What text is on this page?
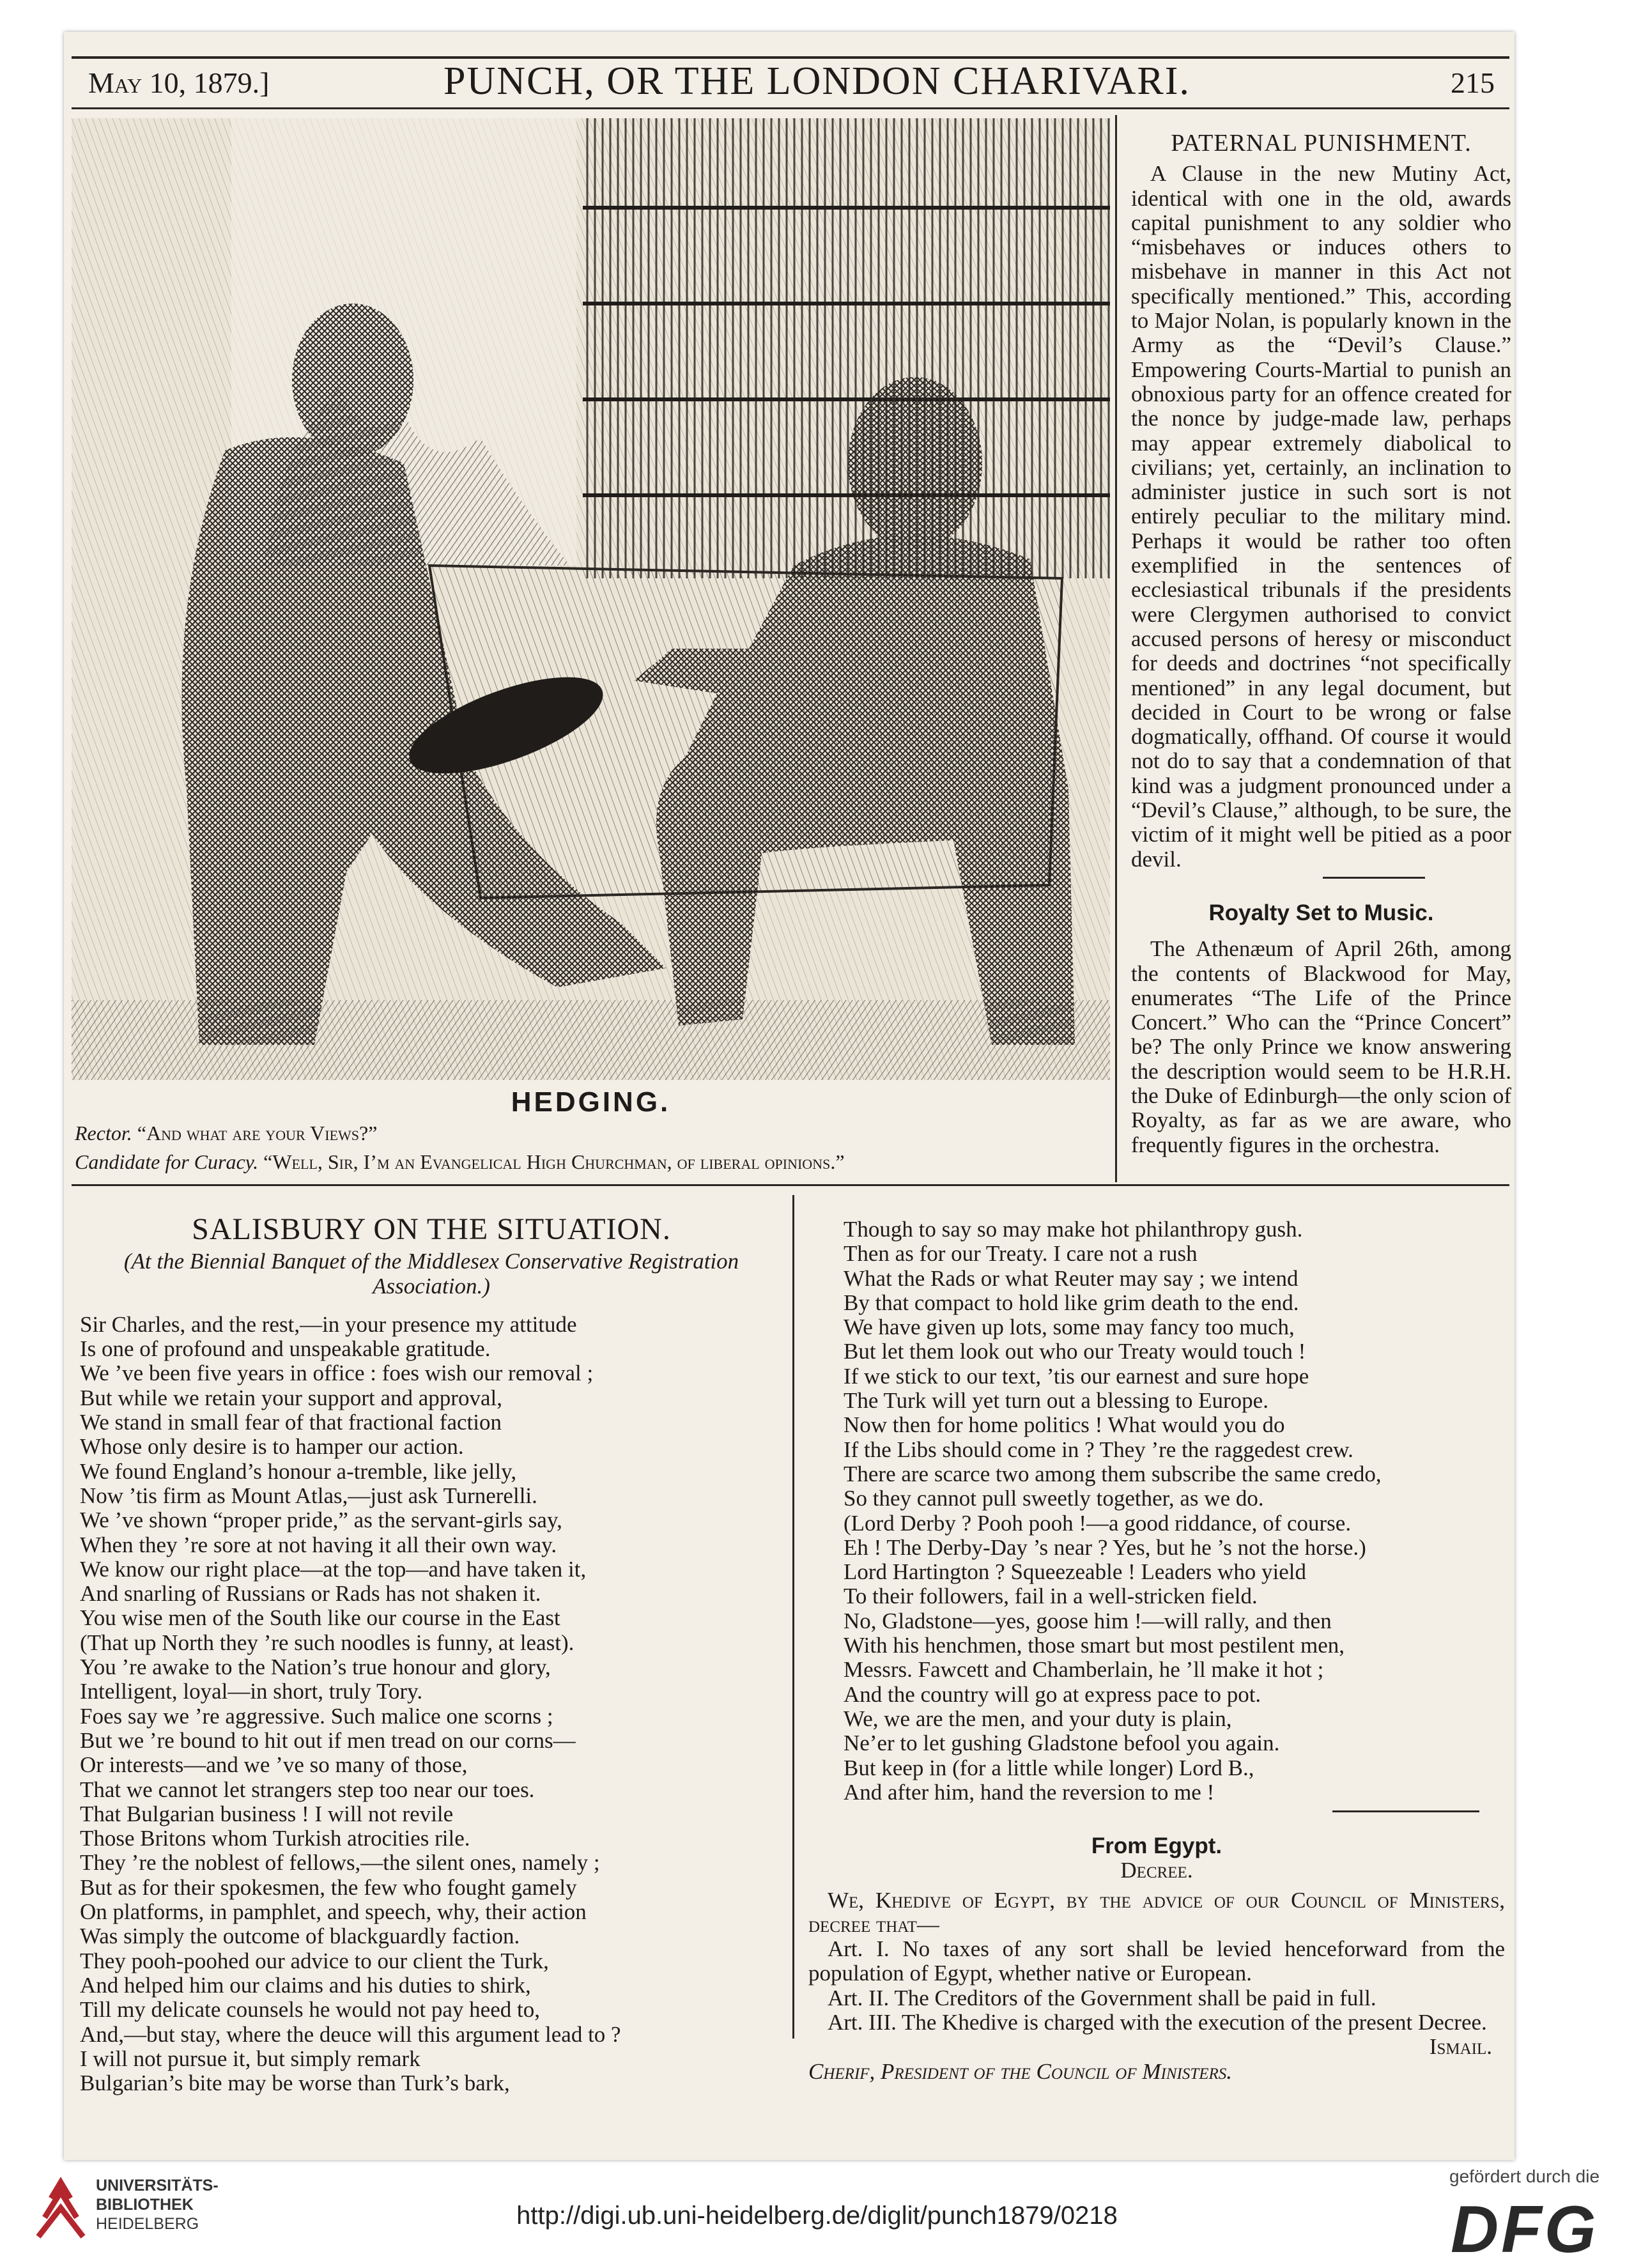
May 10, 1879.]	PUNCH, OR THE LONDON CHARIVARI.	215
HEDGING.
Rector. “And what are your Views?”
Candidate for Curacy. “Well, Sir, I’m an Evangelical High Churchman, of liberal opinions.”
PATERNAL PUNISHMENT.

A Clause in the new Mutiny Act, identical with one in the old, awards capital punishment to any soldier who “misbehaves or induces others to misbehave in manner in this Act not specifically mentioned.” This, according to Major Nolan, is popularly known in the Army as the “Devil’s Clause.” Empowering Courts-Martial to punish an obnoxious party for an offence created for the nonce by judge-made law, perhaps may appear extremely diabolical to civilians; yet, certainly, an inclination to administer justice in such sort is not entirely peculiar to the military mind. Perhaps it would be rather too often exemplified in the sentences of ecclesiastical tribunals if the presidents were Clergymen authorised to convict accused persons of heresy or misconduct for deeds and doctrines “not specifically mentioned” in any legal document, but decided in Court to be wrong or false dogmatically, offhand. Of course it would not do to say that a condemnation of that kind was a judgment pronounced under a “Devil’s Clause,” although, to be sure, the victim of it might well be pitied as a poor devil.

Royalty Set to Music.

The Athenæum of April 26th, among the contents of Blackwood for May, enumerates “The Life of the Prince Concert.” Who can the “Prince Concert” be? The only Prince we know answering the description would seem to be H.R.H. the Duke of Edinburgh—the only scion of Royalty, as far as we are aware, who frequently figures in the orchestra.

SALISBURY ON THE SITUATION.
(At the Biennial Banquet of the Middlesex Conservative Registration
Association.)
Sir Charles, and the rest,—in your presence my attitude
Is one of profound and unspeakable gratitude.
We ’ve been five years in office : foes wish our removal ;
But while we retain your support and approval,
We stand in small fear of that fractional faction
Whose only desire is to hamper our action.
We found England’s honour a-tremble, like jelly,
Now ’tis firm as Mount Atlas,—just ask Turnerelli.
We ’ve shown “proper pride,” as the servant-girls say,
When they ’re sore at not having it all their own way.
We know our right place—at the top—and have taken it,
And snarling of Russians or Rads has not shaken it.
You wise men of the South like our course in the East
(That up North they ’re such noodles is funny, at least).
You ’re awake to the Nation’s true honour and glory,
Intelligent, loyal—in short, truly Tory.
Foes say we ’re aggressive. Such malice one scorns ;
But we ’re bound to hit out if men tread on our corns—
Or interests—and we ’ve so many of those,
That we cannot let strangers step too near our toes.
That Bulgarian business ! I will not revile
Those Britons whom Turkish atrocities rile.
They ’re the noblest of fellows,—the silent ones, namely ;
But as for their spokesmen, the few who fought gamely
On platforms, in pamphlet, and speech, why, their action
Was simply the outcome of blackguardly faction.
They pooh-poohed our advice to our client the Turk,
And helped him our claims and his duties to shirk,
Till my delicate counsels he would not pay heed to,
And,—but stay, where the deuce will this argument lead to ?
I will not pursue it, but simply remark
Bulgarian’s bite may be worse than Turk’s bark,
Though to say so may make hot philanthropy gush.
Then as for our Treaty. I care not a rush
What the Rads or what Reuter may say ; we intend
By that compact to hold like grim death to the end.
We have given up lots, some may fancy too much,
But let them look out who our Treaty would touch !
If we stick to our text, ’tis our earnest and sure hope
The Turk will yet turn out a blessing to Europe.
Now then for home politics ! What would you do
If the Libs should come in ? They ’re the raggedest crew.
There are scarce two among them subscribe the same credo,
So they cannot pull sweetly together, as we do.
(Lord Derby ? Pooh pooh !—a good riddance, of course.
Eh ! The Derby-Day ’s near ? Yes, but he ’s not the horse.)
Lord Hartington ? Squeezeable ! Leaders who yield
To their followers, fail in a well-stricken field.
No, Gladstone—yes, goose him !—will rally, and then
With his henchmen, those smart but most pestilent men,
Messrs. Fawcett and Chamberlain, he ’ll make it hot ;
And the country will go at express pace to pot.
We, we are the men, and your duty is plain,
Ne’er to let gushing Gladstone befool you again.
But keep in (for a little while longer) Lord B.,
And after him, hand the reversion to me !
From Egypt.
Decree.

We, Khedive of Egypt, by the advice of our Council of Ministers, decree that—

Art. I. No taxes of any sort shall be levied henceforward from the population of Egypt, whether native or European.

Art. II. The Creditors of the Government shall be paid in full.

Art. III. The Khedive is charged with the execution of the present Decree.

Ismail.
Cherif, President of the Council of Ministers.
UNIVERSITÄTS-
BIBLIOTHEK
HEIDELBERG	http://digi.ub.uni-heidelberg.de/diglit/punch1879/0218
gefördert durch die
DFG
